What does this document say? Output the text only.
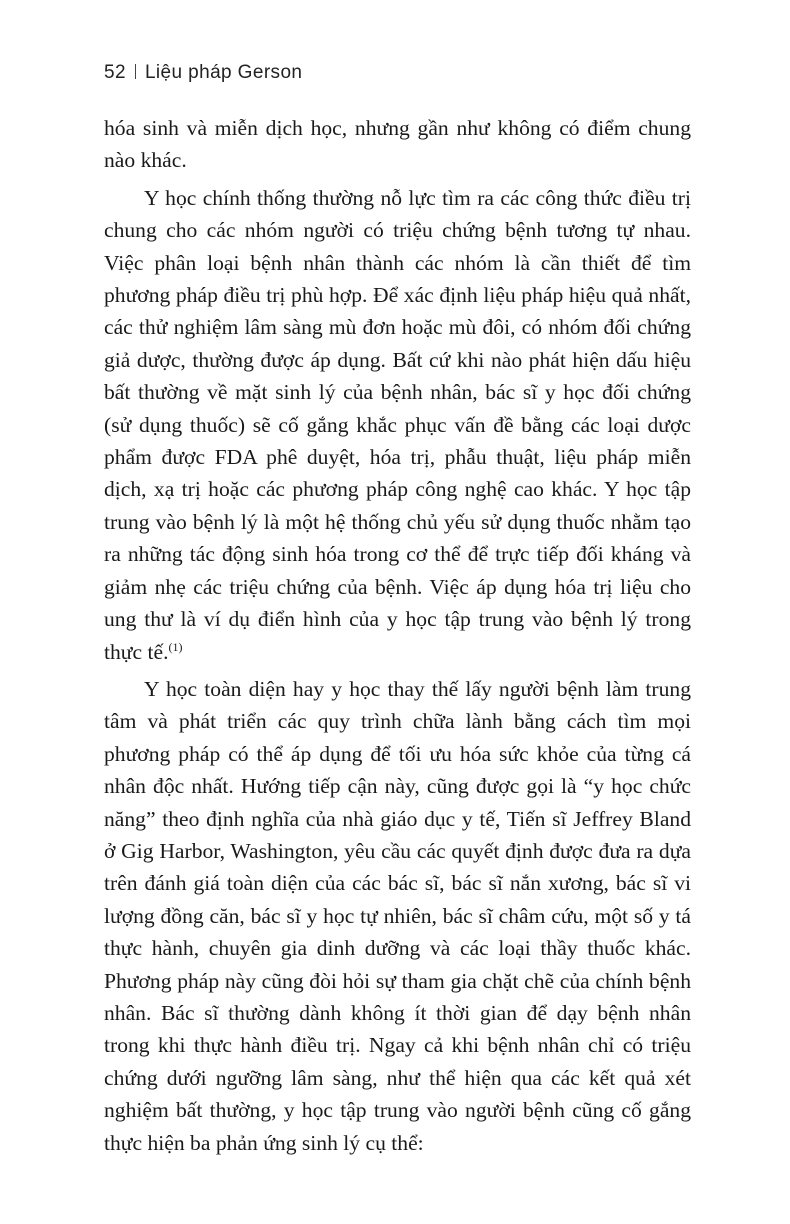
52 Liệu pháp Gerson

hóa sinh và miễn dịch học, nhưng gần như không có điểm chung nào khác.

Y học chính thống thường nỗ lực tìm ra các công thức điều trị chung cho các nhóm người có triệu chứng bệnh tương tự nhau. Việc phân loại bệnh nhân thành các nhóm là cần thiết để tìm phương pháp điều trị phù hợp. Để xác định liệu pháp hiệu quả nhất, các thử nghiệm lâm sàng mù đơn hoặc mù đôi, có nhóm đối chứng giả dược, thường được áp dụng. Bất cứ khi nào phát hiện dấu hiệu bất thường về mặt sinh lý của bệnh nhân, bác sĩ y học đối chứng (sử dụng thuốc) sẽ cố gắng khắc phục vấn đề bằng các loại dược phẩm được FDA phê duyệt, hóa trị, phẫu thuật, liệu pháp miễn dịch, xạ trị hoặc các phương pháp công nghệ cao khác. Y học tập trung vào bệnh lý là một hệ thống chủ yếu sử dụng thuốc nhằm tạo ra những tác động sinh hóa trong cơ thể để trực tiếp đối kháng và giảm nhẹ các triệu chứng của bệnh. Việc áp dụng hóa trị liệu cho ung thư là ví dụ điển hình của y học tập trung vào bệnh lý trong thực tế.$^{(1)}$

Y học toàn diện hay y học thay thế lấy người bệnh làm trung tâm và phát triển các quy trình chữa lành bằng cách tìm mọi phương pháp có thể áp dụng để tối ưu hóa sức khỏe của từng cá nhân độc nhất. Hướng tiếp cận này, cũng được gọi là “y học chức năng” theo định nghĩa của nhà giáo dục y tế, Tiến sĩ Jeffrey Bland ở Gig Harbor, Washington, yêu cầu các quyết định được đưa ra dựa trên đánh giá toàn diện của các bác sĩ, bác sĩ nắn xương, bác sĩ vi lượng đồng căn, bác sĩ y học tự nhiên, bác sĩ châm cứu, một số y tá thực hành, chuyên gia dinh dưỡng và các loại thầy thuốc khác. Phương pháp này cũng đòi hỏi sự tham gia chặt chẽ của chính bệnh nhân. Bác sĩ thường dành không ít thời gian để dạy bệnh nhân trong khi thực hành điều trị. Ngay cả khi bệnh nhân chỉ có triệu chứng dưới ngưỡng lâm sàng, như thể hiện qua các kết quả xét nghiệm bất thường, y học tập trung vào người bệnh cũng cố gắng thực hiện ba phản ứng sinh lý cụ thể:
